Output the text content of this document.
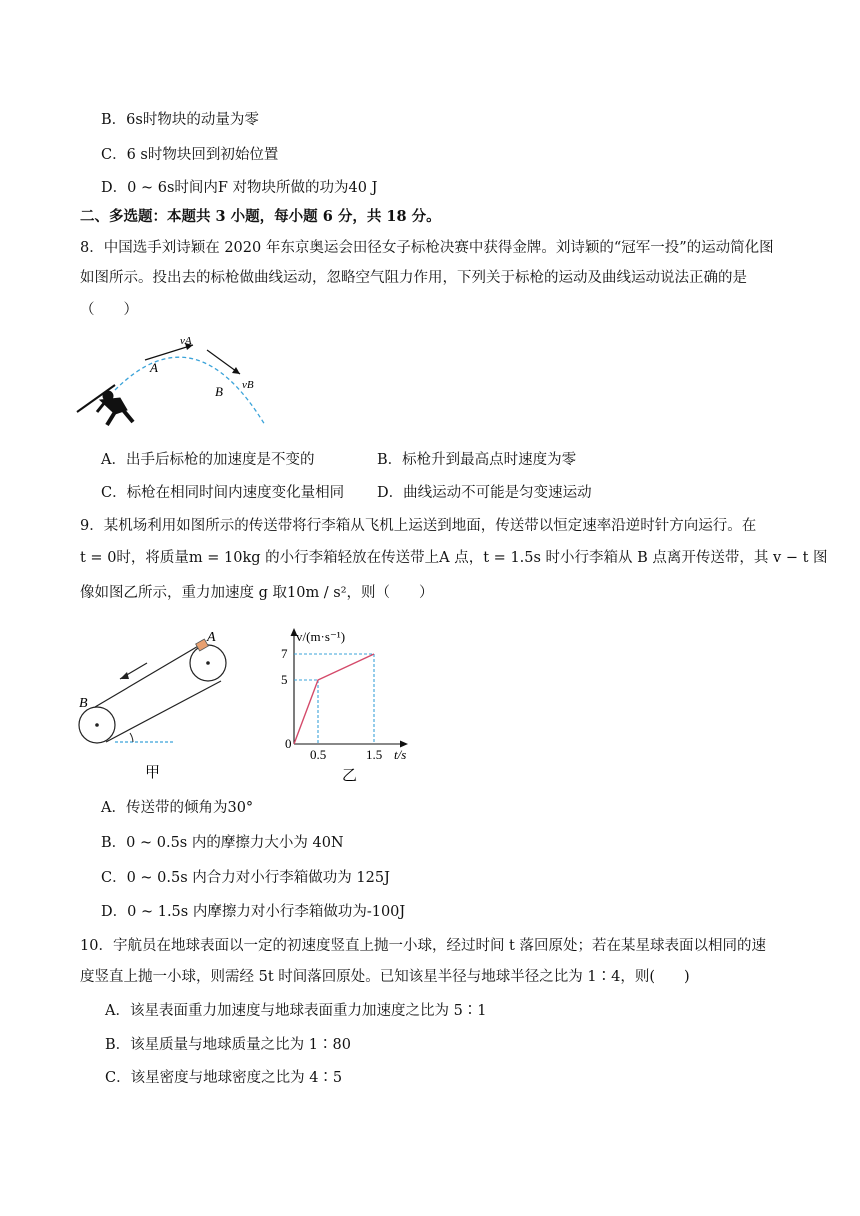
B．6s时物块的动量为零
C．6 s时物块回到初始位置
D．0 ~ 6s时间内F 对物块所做的功为40 J
二、多选题：本题共 3 小题，每小题 6 分，共 18 分。
8．中国选手刘诗颖在 2020 年东京奥运会田径女子标枪决赛中获得金牌。刘诗颖的“冠军一投”的运动简化图
如图所示。投出去的标枪做曲线运动，忽略空气阻力作用，下列关于标枪的运动及曲线运动说法正确的是
（　　）
A
B
vA
vB
A．出手后标枪的加速度是不变的	B．标枪升到最高点时速度为零
C．标枪在相同时间内速度变化量相同 D．曲线运动不可能是匀变速运动
9．某机场利用如图所示的传送带将行李箱从飞机上运送到地面，传送带以恒定速率沿逆时针方向运行。在
t = 0时，将质量m = 10kg 的小行李箱轻放在传送带上A 点，t = 1.5s 时小行李箱从 B 点离开传送带，其 v − t 图
像如图乙所示，重力加速度 g 取10m / s²，则（　　）
A
B
甲
v/(m·s⁻¹)
7
5
0
0.5	1.5 t/s
乙
A．传送带的倾角为30°
B．0 ~ 0.5s 内的摩擦力大小为 40N
C．0 ~ 0.5s 内合力对小行李箱做功为 125J
D．0 ~ 1.5s 内摩擦力对小行李箱做功为-100J
10．宇航员在地球表面以一定的初速度竖直上抛一小球，经过时间 t 落回原处；若在某星球表面以相同的速
度竖直上抛一小球，则需经 5t 时间落回原处。已知该星半径与地球半径之比为 1∶4，则(　　)
A．该星表面重力加速度与地球表面重力加速度之比为 5∶1
B．该星质量与地球质量之比为 1∶80
C．该星密度与地球密度之比为 4∶5
